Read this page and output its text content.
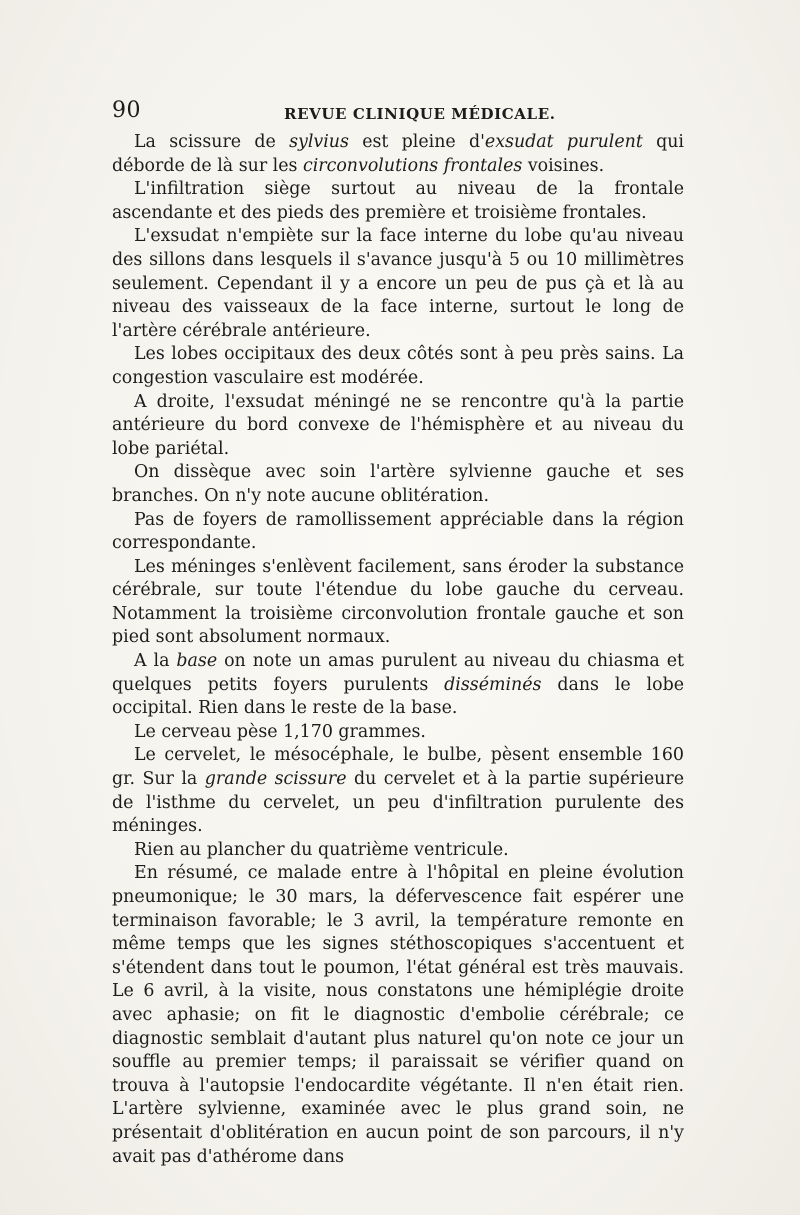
90	REVUE CLINIQUE MÉDICALE.

La scissure de sylvius est pleine d'exsudat purulent qui déborde de là sur les circonvolutions frontales voisines.

L'infiltration siège surtout au niveau de la frontale ascendante et des pieds des première et troisième frontales.

L'exsudat n'empiète sur la face interne du lobe qu'au niveau des sillons dans lesquels il s'avance jusqu'à 5 ou 10 millimètres seulement. Cependant il y a encore un peu de pus çà et là au niveau des vaisseaux de la face interne, surtout le long de l'artère cérébrale antérieure.

Les lobes occipitaux des deux côtés sont à peu près sains. La congestion vasculaire est modérée.

A droite, l'exsudat méningé ne se rencontre qu'à la partie antérieure du bord convexe de l'hémisphère et au niveau du lobe pariétal.

On dissèque avec soin l'artère sylvienne gauche et ses branches. On n'y note aucune oblitération.

Pas de foyers de ramollissement appréciable dans la région correspondante.

Les méninges s'enlèvent facilement, sans éroder la substance cérébrale, sur toute l'étendue du lobe gauche du cerveau. Notamment la troisième circonvolution frontale gauche et son pied sont absolument normaux.

A la base on note un amas purulent au niveau du chiasma et quelques petits foyers purulents disséminés dans le lobe occipital. Rien dans le reste de la base.

Le cerveau pèse 1,170 grammes.

Le cervelet, le mésocéphale, le bulbe, pèsent ensemble 160 gr. Sur la grande scissure du cervelet et à la partie supérieure de l'isthme du cervelet, un peu d'infiltration purulente des méninges.

Rien au plancher du quatrième ventricule.

En résumé, ce malade entre à l'hôpital en pleine évolution pneumonique; le 30 mars, la défervescence fait espérer une terminaison favorable; le 3 avril, la température remonte en même temps que les signes stéthoscopiques s'accentuent et s'étendent dans tout le poumon, l'état général est très mauvais. Le 6 avril, à la visite, nous constatons une hémiplégie droite avec aphasie; on fit le diagnostic d'embolie cérébrale; ce diagnostic semblait d'autant plus naturel qu'on note ce jour un souffle au premier temps; il paraissait se vérifier quand on trouva à l'autopsie l'endocardite végétante. Il n'en était rien. L'artère sylvienne, examinée avec le plus grand soin, ne présentait d'oblitération en aucun point de son parcours, il n'y avait pas d'athérome dans
